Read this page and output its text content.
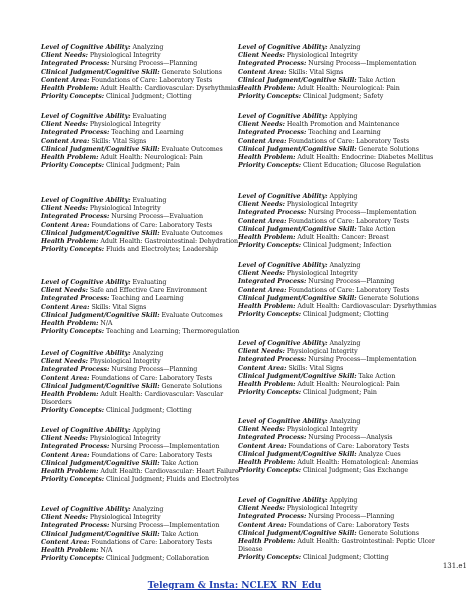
Level of Cognitive Ability: Analyzing
Client Needs: Physiological Integrity
Integrated Process: Nursing Process—Planning
Clinical Judgment/Cognitive Skill: Generate Solutions
Content Area: Foundations of Care: Laboratory Tests
Health Problem: Adult Health: Cardiovascular: Dysrhythmias
Priority Concepts: Clinical Judgment; Clotting
Level of Cognitive Ability: Evaluating
Client Needs: Physiological Integrity
Integrated Process: Teaching and Learning
Content Area: Skills: Vital Signs
Clinical Judgment/Cognitive Skill: Evaluate Outcomes
Health Problem: Adult Health: Neurological: Pain
Priority Concepts: Clinical Judgment; Pain
Level of Cognitive Ability: Evaluating
Client Needs: Physiological Integrity
Integrated Process: Nursing Process—Evaluation
Content Area: Foundations of Care: Laboratory Tests
Clinical Judgment/Cognitive Skill: Evaluate Outcomes
Health Problem: Adult Health: Gastrointestinal: Dehydration
Priority Concepts: Fluids and Electrolytes; Leadership
Level of Cognitive Ability: Evaluating
Client Needs: Safe and Effective Care Environment
Integrated Process: Teaching and Learning
Content Area: Skills: Vital Signs
Clinical Judgment/Cognitive Skill: Evaluate Outcomes
Health Problem: N/A
Priority Concepts: Teaching and Learning; Thermoregulation
Level of Cognitive Ability: Analyzing
Client Needs: Physiological Integrity
Integrated Process: Nursing Process—Planning
Content Area: Foundations of Care: Laboratory Tests
Clinical Judgment/Cognitive Skill: Generate Solutions
Health Problem: Adult Health: Cardiovascular: Vascular Disorders
Priority Concepts: Clinical Judgment; Clotting
Level of Cognitive Ability: Applying
Client Needs: Physiological Integrity
Integrated Process: Nursing Process—Implementation
Content Area: Foundations of Care: Laboratory Tests
Clinical Judgment/Cognitive Skill: Take Action
Health Problem: Adult Health: Cardiovascular: Heart Failure
Priority Concepts: Clinical Judgment; Fluids and Electrolytes
Level of Cognitive Ability: Analyzing
Client Needs: Physiological Integrity
Integrated Process: Nursing Process—Implementation
Clinical Judgment/Cognitive Skill: Take Action
Content Area: Foundations of Care: Laboratory Tests
Health Problem: N/A
Priority Concepts: Clinical Judgment; Collaboration
Level of Cognitive Ability: Analyzing
Client Needs: Physiological Integrity
Integrated Process: Nursing Process—Implementation
Content Area: Skills: Vital Signs
Clinical Judgment/Cognitive Skill: Take Action
Health Problem: Adult Health: Neurological: Pain
Priority Concepts: Clinical Judgment; Safety
Level of Cognitive Ability: Applying
Client Needs: Health Promotion and Maintenance
Integrated Process: Teaching and Learning
Content Area: Foundations of Care: Laboratory Tests
Clinical Judgment/Cognitive Skill: Generate Solutions
Health Problem: Adult Health: Endocrine: Diabetes Mellitus
Priority Concepts: Client Education; Glucose Regulation
Level of Cognitive Ability: Applying
Client Needs: Physiological Integrity
Integrated Process: Nursing Process—Implementation
Content Area: Foundations of Care: Laboratory Tests
Clinical Judgment/Cognitive Skill: Take Action
Health Problem: Adult Health: Cancer: Breast
Priority Concepts: Clinical Judgment; Infection
Level of Cognitive Ability: Analyzing
Client Needs: Physiological Integrity
Integrated Process: Nursing Process—Planning
Content Area: Foundations of Care: Laboratory Tests
Clinical Judgment/Cognitive Skill: Generate Solutions
Health Problem: Adult Health: Cardiovascular: Dysrhythmias
Priority Concepts: Clinical Judgment; Clotting
Level of Cognitive Ability: Analyzing
Client Needs: Physiological Integrity
Integrated Process: Nursing Process—Implementation
Content Area: Skills: Vital Signs
Clinical Judgment/Cognitive Skill: Take Action
Health Problem: Adult Health: Neurological: Pain
Priority Concepts: Clinical Judgment; Pain
Level of Cognitive Ability: Analyzing
Client Needs: Physiological Integrity
Integrated Process: Nursing Process—Analysis
Content Area: Foundations of Care: Laboratory Tests
Clinical Judgment/Cognitive Skill: Analyze Cues
Health Problem: Adult Health: Hematological: Anemias
Priority Concepts: Clinical Judgment; Gas Exchange
Level of Cognitive Ability: Applying
Client Needs: Physiological Integrity
Integrated Process: Nursing Process—Planning
Content Area: Foundations of Care: Laboratory Tests
Clinical Judgment/Cognitive Skill: Generate Solutions
Health Problem: Adult Health: Gastrointestinal: Peptic Ulcer Disease
Priority Concepts: Clinical Judgment; Clotting
131.e1
Telegram & Insta: NCLEX_RN_Edu
